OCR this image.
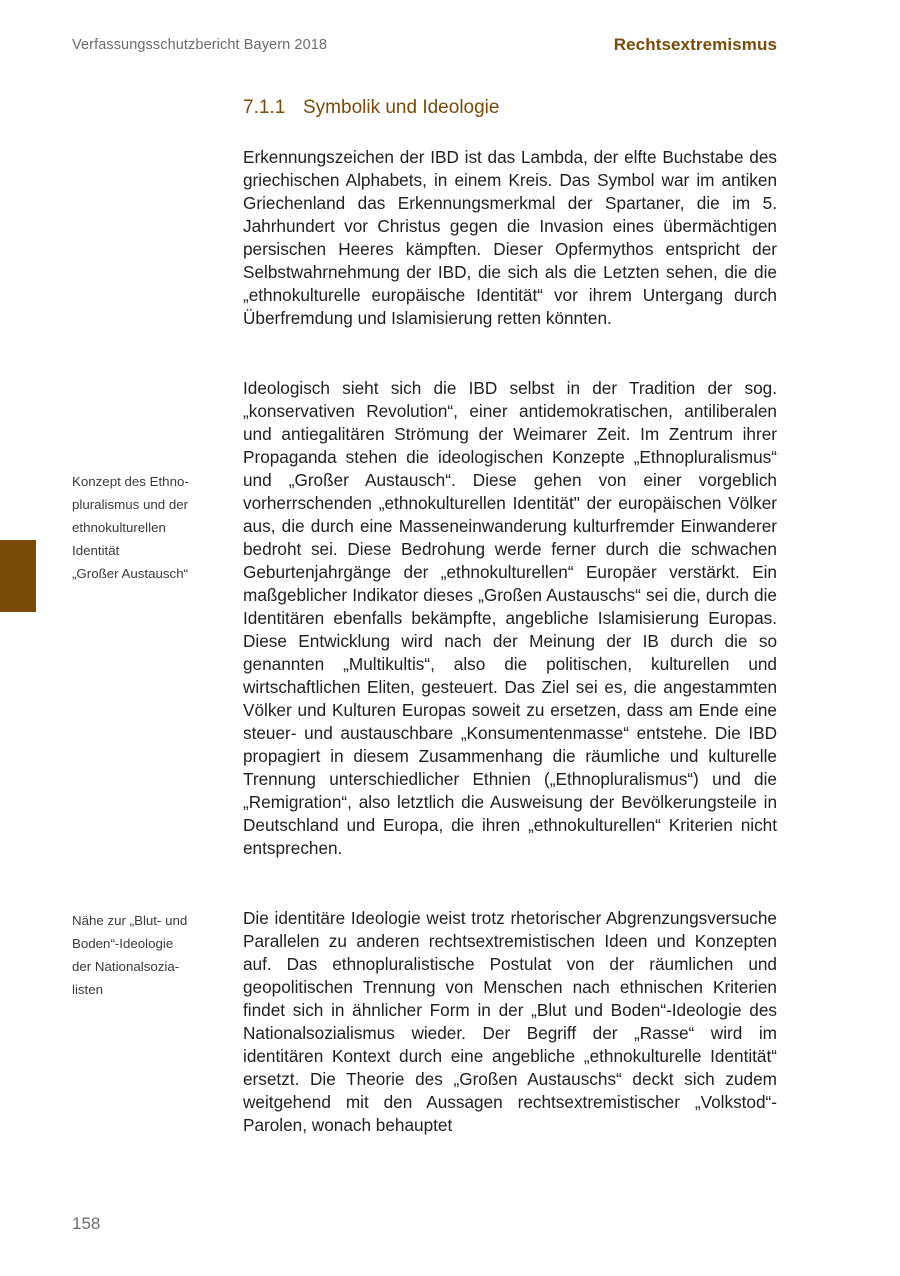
Verfassungsschutzbericht Bayern 2018	Rechtsextremismus
7.1.1 Symbolik und Ideologie

Erkennungszeichen der IBD ist das Lambda, der elfte Buchstabe des griechischen Alphabets, in einem Kreis. Das Symbol war im antiken Griechenland das Erkennungsmerkmal der Spartaner, die im 5. Jahrhundert vor Christus gegen die Invasion eines übermächtigen persischen Heeres kämpften. Dieser Opfermythos entspricht der Selbstwahrnehmung der IBD, die sich als die Letzten sehen, die die „ethnokulturelle europäische Identität“ vor ihrem Untergang durch Überfremdung und Islamisierung retten könnten.

Ideologisch sieht sich die IBD selbst in der Tradition der sog. „konservativen Revolution“, einer antidemokratischen, antiliberalen und antiegalitären Strömung der Weimarer Zeit. Im Zentrum ihrer Propaganda stehen die ideologischen Konzepte „Ethnopluralismus“ und „Großer Austausch“. Diese gehen von einer vorgeblich vorherrschenden „ethnokulturellen Identität" der europäischen Völker aus, die durch eine Masseneinwanderung kulturfremder Einwanderer bedroht sei. Diese Bedrohung werde ferner durch die schwachen Geburtenjahrgänge der „ethnokulturellen“ Europäer verstärkt. Ein maßgeblicher Indikator dieses „Großen Austauschs“ sei die, durch die Identitären ebenfalls bekämpfte, angebliche Islamisierung Europas. Diese Entwicklung wird nach der Meinung der IB durch die so genannten „Multikultis“, also die politischen, kulturellen und wirtschaftlichen Eliten, gesteuert. Das Ziel sei es, die angestammten Völker und Kulturen Europas soweit zu ersetzen, dass am Ende eine steuer- und austauschbare „Konsumentenmasse“ entstehe. Die IBD propagiert in diesem Zusammenhang die räumliche und kulturelle Trennung unterschiedlicher Ethnien („Ethnopluralismus“) und die „Remigration“, also letztlich die Ausweisung der Bevölkerungsteile in Deutschland und Europa, die ihren „ethnokulturellen“ Kriterien nicht entsprechen.

Die identitäre Ideologie weist trotz rhetorischer Abgrenzungsversuche Parallelen zu anderen rechtsextremistischen Ideen und Konzepten auf. Das ethnopluralistische Postulat von der räumlichen und geopolitischen Trennung von Menschen nach ethnischen Kriterien findet sich in ähnlicher Form in der „Blut und Boden“-Ideologie des Nationalsozialismus wieder. Der Begriff der „Rasse“ wird im identitären Kontext durch eine angebliche „ethnokulturelle Identität“ ersetzt. Die Theorie des „Großen Austauschs“ deckt sich zudem weitgehend mit den Aussagen rechtsextremistischer „Volkstod“-Parolen, wonach behauptet

Konzept des Ethno-
pluralismus und der
ethnokulturellen
Identität
„Großer Austausch“
Nähe zur „Blut- und
Boden“-Ideologie
der Nationalsozia-
listen
158
